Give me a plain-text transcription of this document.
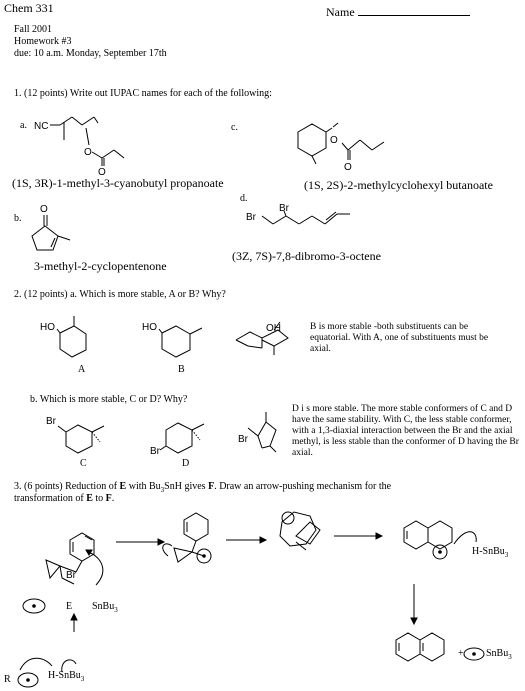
Chem 331	Name
Fall 2001
Homework #3
due: 10 a.m. Monday, September 17th
1. (12 points) Write out IUPAC names for each of the following:
a.	c.
b.
d.
(1S, 3R)-1-methyl-3-cyanobutyl propanoate	(1S, 2S)-2-methylcyclohexyl butanoate
3-methyl-2-cyclopentenone
(3Z, 7S)-7,8-dibromo-3-octene
NC
O
O
O
O
O
Br
Br
HO	HO	OH
Br
Br
Br
Br
2. (12 points) a. Which is more stable, A or B? Why?
A	B
B is more stable -both substituents can be equatorial. With A, one of substituents must be axial.
b. Which is more stable, C or D? Why?
C	D
D i s more stable. The more stable conformers of C and D have the same stability. With C, the less stable conformer, with a 1,3-diaxial interaction between the Br and the axial methyl, is less stable than the conformer of D having the Br axial.
3. (6 points) Reduction of E with $Bu_3SnH$ gives F. Draw an arrow-pushing mechanism for the
transformation of E to F.
E SnBu$_3$
H-SnBu$_3$
R	H-SnBu$_3$
+ SnBu$_3$
